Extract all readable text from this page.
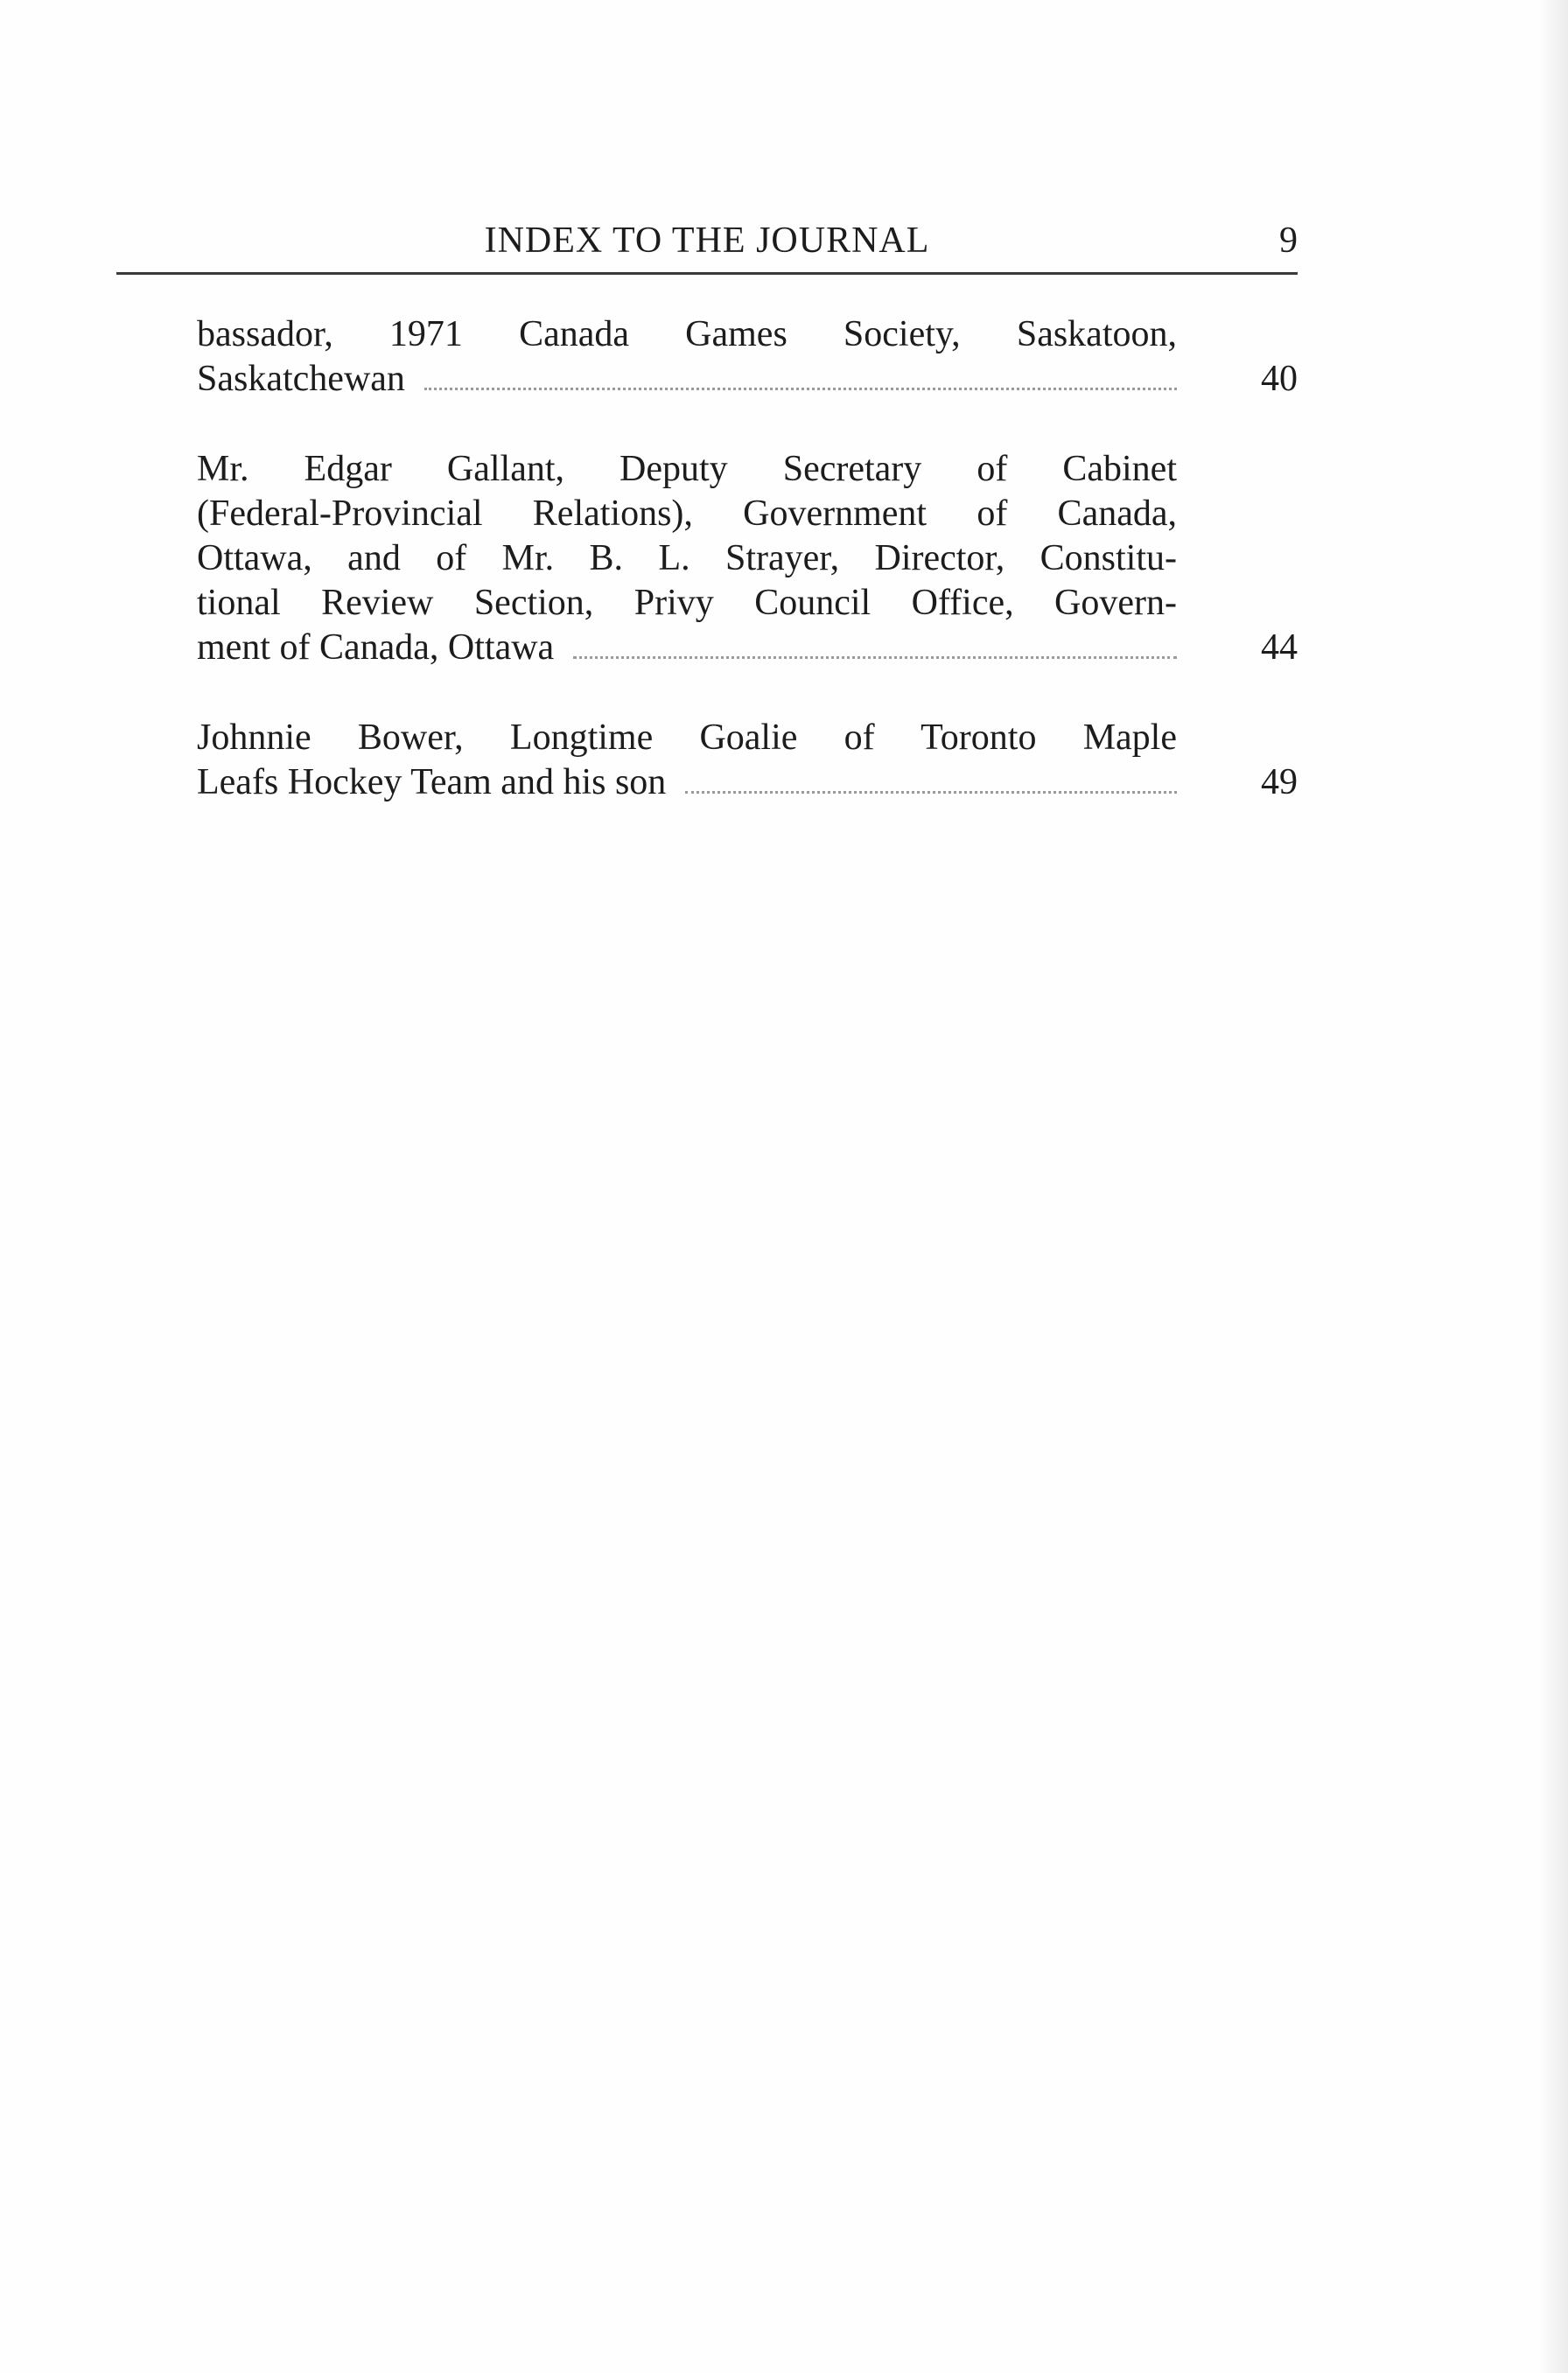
INDEX TO THE JOURNAL	9
bassador, 1971 Canada Games Society, Saskatoon,
Saskatchewan	40
Mr. Edgar Gallant, Deputy Secretary of Cabinet
(Federal-Provincial Relations), Government of Canada,
Ottawa, and of Mr. B. L. Strayer, Director, Constitu-
tional Review Section, Privy Council Office, Govern-
ment of Canada, Ottawa	44
Johnnie Bower, Longtime Goalie of Toronto Maple
Leafs Hockey Team and his son	49
